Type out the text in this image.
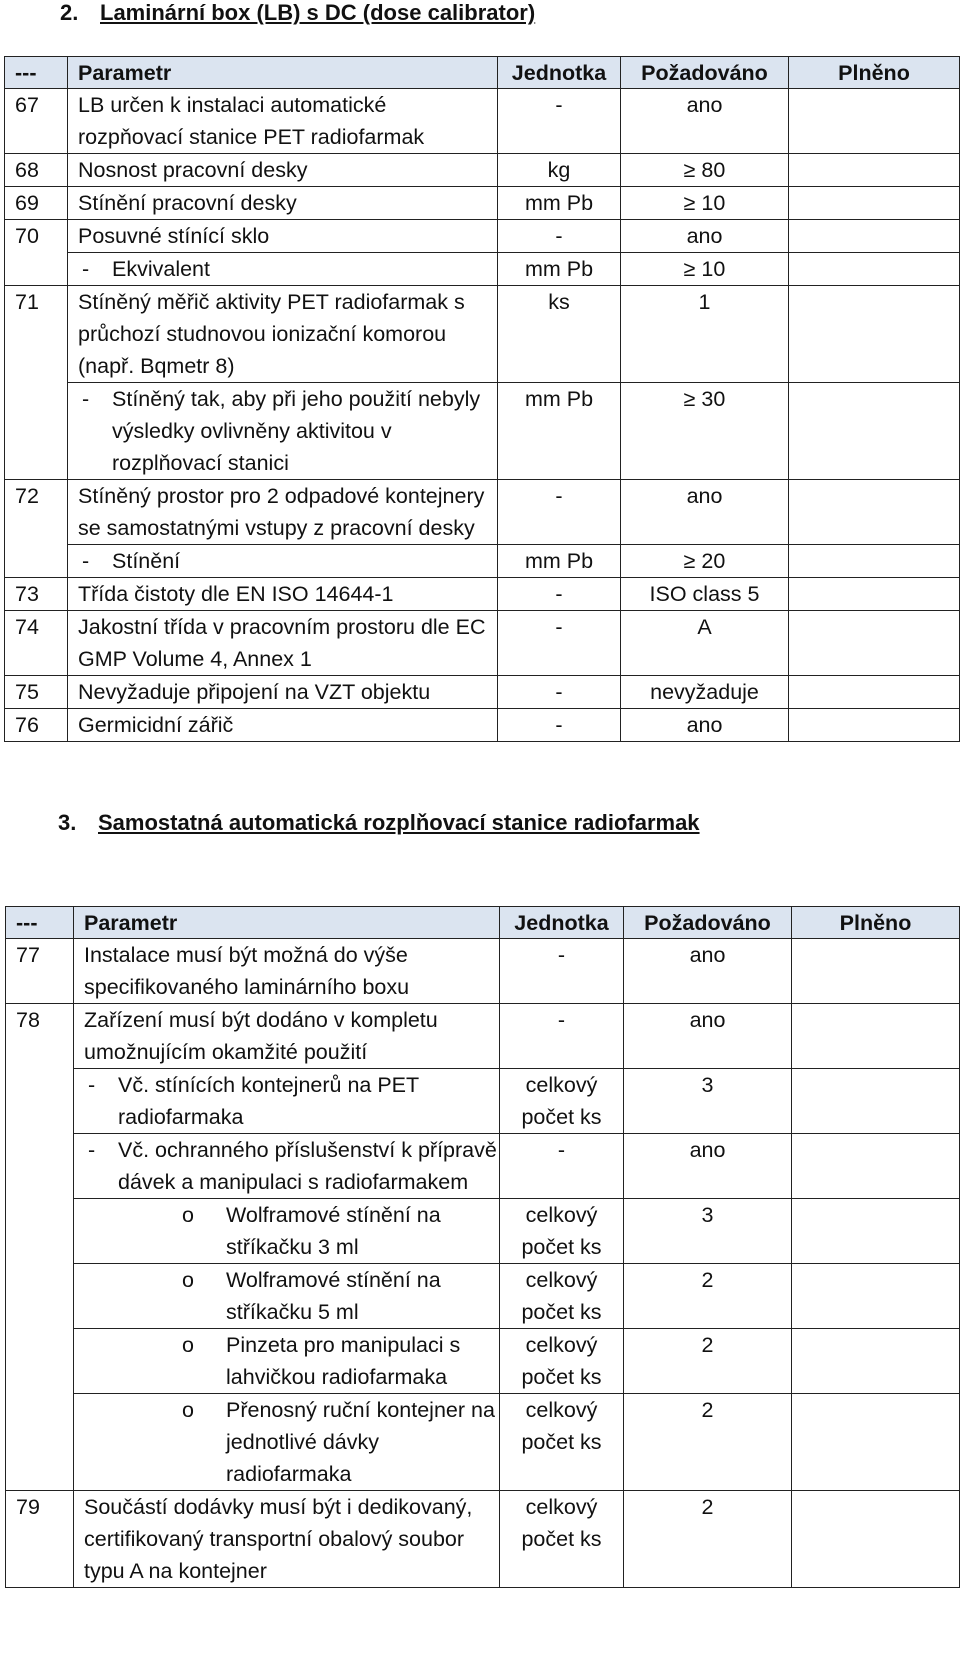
2. Laminární box (LB) s DC (dose calibrator)
---	Parametr	Jednotka	Požadováno	Plněno
67	LB určen k instalaci automatické rozpňovací stanice PET radiofarmak	-	ano	
68	Nosnost pracovní desky	kg	≥ 80	
69	Stínění pracovní desky	mm Pb	≥ 10	
70	Posuvné stínící sklo	-	ano	

	- Ekvivalent	mm Pb	≥ 10	
71	Stíněný měřič aktivity PET radiofarmak s průchozí studnovou ionizační komorou (např. Bqmetr 8)	ks	1	

	- Stíněný tak, aby při jeho použití nebyly výsledky ovlivněny aktivitou v rozplňovací stanici	mm Pb	≥ 30	
72	Stíněný prostor pro 2 odpadové kontejnery se samostatnými vstupy z pracovní desky	-	ano	

	- Stínění	mm Pb	≥ 20	
73	Třída čistoty dle EN ISO 14644-1	-	ISO class 5	
74	Jakostní třída v pracovním prostoru dle EC GMP Volume 4, Annex 1	-	A	
75	Nevyžaduje připojení na VZT objektu	-	nevyžaduje	
76	Germicidní zářič	-	ano	
3. Samostatná automatická rozplňovací stanice radiofarmak
---	Parametr	Jednotka	Požadováno	Plněno
77	Instalace musí být možná do výše specifikovaného laminárního boxu	-	ano	
78	Zařízení musí být dodáno v kompletu umožnujícím okamžité použití	-	ano	

	- Vč. stínících kontejnerů na PET radiofarmaka	celkový počet ks	3	

	- Vč. ochranného příslušenství k přípravě dávek a manipulaci s radiofarmakem	-	ano	

	o Wolframové stínění na stříkačku 3 ml	celkový počet ks	3	

	o Wolframové stínění na stříkačku 5 ml	celkový počet ks	2	

	o Pinzeta pro manipulaci s lahvičkou radiofarmaka	celkový počet ks	2	

	o Přenosný ruční kontejner na jednotlivé dávky radiofarmaka	celkový počet ks	2	
79	Součástí dodávky musí být i dedikovaný, certifikovaný transportní obalový soubor typu A na kontejner	celkový počet ks	2	
